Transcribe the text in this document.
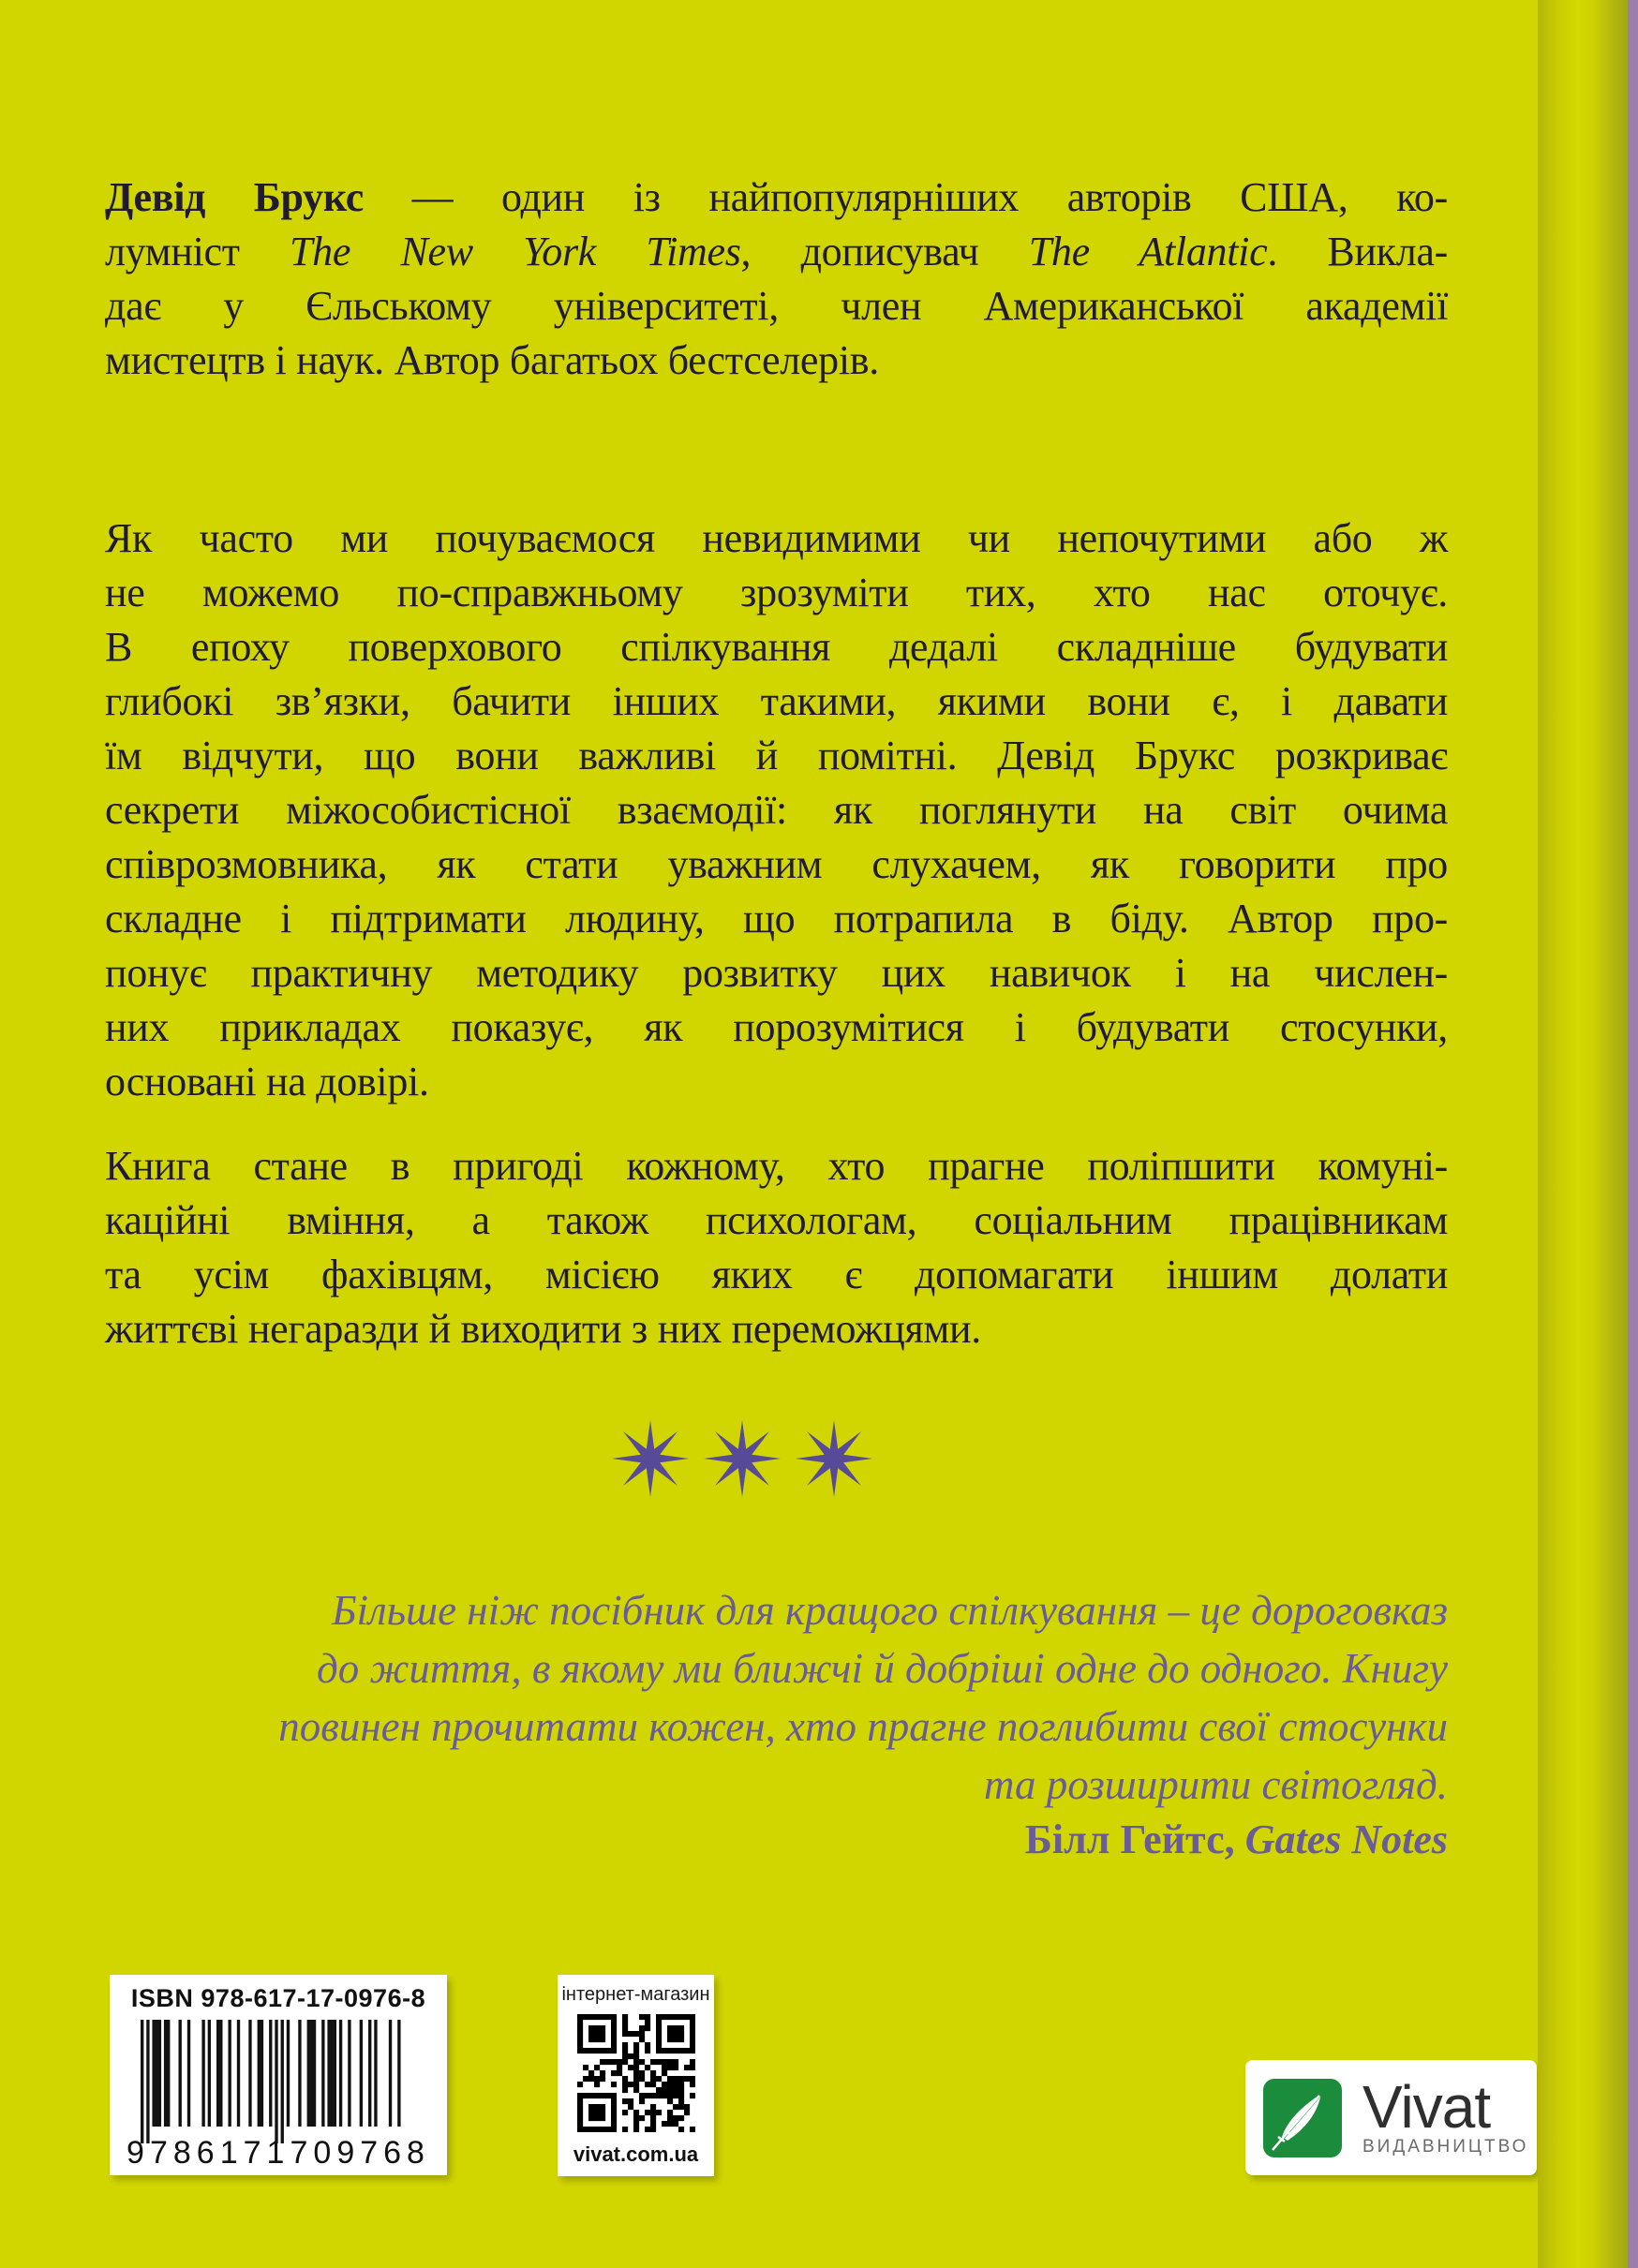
Девід Брукс — один із найпопулярніших авторів США, ко-
лумніст The New York Times, дописувач The Atlantic. Викла-
дає у Єльському університеті, член Американської академії
мистецтв і наук. Автор багатьох бестселерів.
Як часто ми почуваємося невидимими чи непочутими або ж
не можемо по-справжньому зрозуміти тих, хто нас оточує.
В епоху поверхового спілкування дедалі складніше будувати
глибокі зв’язки, бачити інших такими, якими вони є, і давати
їм відчути, що вони важливі й помітні. Девід Брукс розкриває
секрети міжособистісної взаємодії: як поглянути на світ очима
співрозмовника, як стати уважним слухачем, як говорити про
складне і підтримати людину, що потрапила в біду. Автор про-
понує практичну методику розвитку цих навичок і на числен-
них прикладах показує, як порозумітися і будувати стосунки,
основані на довірі.
Книга стане в пригоді кожному, хто прагне поліпшити комуні-
каційні вміння, а також психологам, соціальним працівникам
та усім фахівцям, місією яких є допомагати іншим долати
життєві негаразди й виходити з них переможцями.
Більше ніж посібник для кращого спілкування – це дороговказ
до життя, в якому ми ближчі й добріші одне до одного. Книгу
повинен прочитати кожен, хто прагне поглибити свої стосунки
та розширити світогляд.
Білл Гейтс, Gates Notes
ISBN 978-617-17-0976-8
9 786171 709768
інтернет-магазин
vivat.com.ua
Vivat
ВИДАВНИЦТВО
